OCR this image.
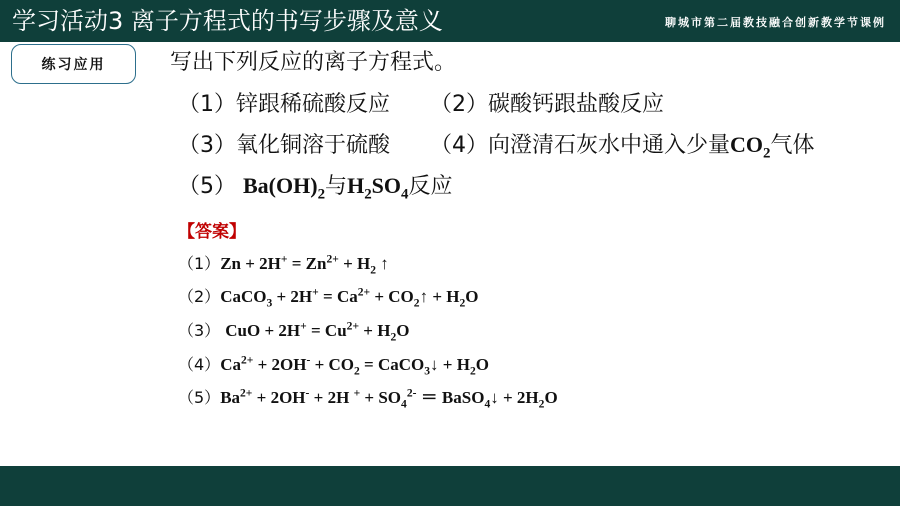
学习活动3 离子方程式的书写步骤及意义	聊城市第二届教技融合创新教学节课例
练习应用	写出下列反应的离子方程式。
（1）锌跟稀硫酸反应 （2）碳酸钙跟盐酸反应
（3）氧化铜溶于硫酸 （4）向澄清石灰水中通入少量$CO_2$气体
（5） $Ba(OH)_2$与$H_2SO_4$反应
【答案】
$(1)Zn + 2H^+ = Zn^{2+} + H_2$ ↑
（2）CaCO$_3$ + $2H^+ = Ca^{2+}$ + $CO_2↑ + H_2O$
（3） CuO + $2H^+ = Cu^{2+} + H_2O$
$(4)Ca^{2+} + 2OH^- + CO_2$ = CaCO$_3$↓ + $H_2O$
$(5)Ba^{2+} + 2OH^- + 2H$ $^+ + SO_4^{2-}$ ＝ BaSO$_4$↓ + $2H_2O$
